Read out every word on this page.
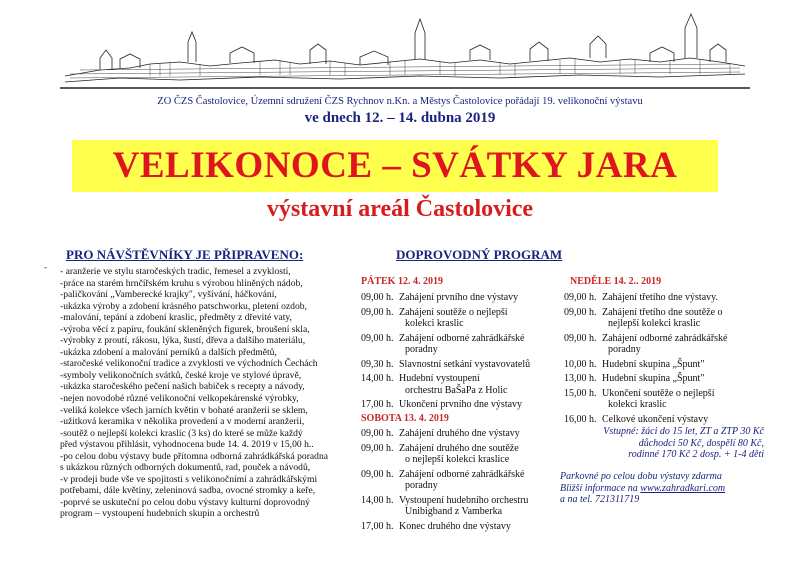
ZO ČZS Častolovice, Územní sdružení ČZS Rychnov n.Kn. a Městys Častolovice pořádají 19. velikonoční výstavu
ve dnech 12. – 14. dubna 2019
VELIKONOCE – SVÁTKY JARA
výstavní areál Častolovice
PRO NÁVŠTĚVNÍKY JE PŘIPRAVENO:
- - aranžerie ve stylu staročeských tradic, řemesel a zvyklostí,
-práce na starém hrnčířském kruhu s výrobou hliněných nádob,
-paličkování „Vamberecké krajky", vyšívání, háčkování,
-ukázka výroby a zdobení krásného patschworku, pletení ozdob,
-malování, tepání a zdobení kraslic, předměty z dřevité vaty,
-výroba věcí z papíru, foukání skleněných figurek, broušení skla,
-výrobky z proutí, rákosu, lýka, šustí, dřeva a dalšího materiálu,
-ukázka zdobení a malování perníků a dalších předmětů,
-staročeské velikonoční tradice a zvyklosti ve východních Čechách
-symboly velikonočních svátků, české kroje ve stylové úpravě,
-ukázka staročeského pečení našich babiček s recepty a návody,
-nejen novodobé různé velikonoční velkopekárenské výrobky,
-veliká kolekce všech jarních květin v bohaté aranžerii se sklem,
-užitková keramika v několika provedení a v moderní aranžerii,
-soutěž o nejlepší kolekci kraslic (3 ks) do které se může každý
před výstavou přihlásit, vyhodnocena bude 14. 4. 2019 v 15,00 h..
-po celou dobu výstavy bude přítomna odborná zahrádkářská poradna
s ukázkou různých odborných dokumentů, rad, pouček a návodů,
-v prodeji bude vše ve spojitosti s velikonočními a zahrádkářskými
potřebami, dále květiny, zeleninová sadba, ovocné stromky a keře,
-poprvé se uskuteční po celou dobu výstavy kulturní doprovodný
program – vystoupení hudebních skupin a orchestrů
DOPROVODNÝ PROGRAM
PÁTEK 12. 4. 2019
09,00 h. Zahájení prvního dne výstavy
09,00 h. Zahájení soutěže o nejlepší
kolekci kraslic
09,00 h. Zahájení odborné zahrádkářské
poradny
09,30 h. Slavnostní setkání vystavovatelů
14,00 h. Hudební vystoupení
orchestru BaŠaPa z Holic
17,00 h. Ukončení prvního dne výstavy
SOBOTA 13. 4. 2019
09,00 h. Zahájení druhého dne výstavy
09,00 h. Zahájení druhého dne soutěže
o nejlepší kolekci kraslice
09,00 h. Zahájení odborné zahrádkářské
poradny
14,00 h. Vystoupení hudebního orchestru
Unibigband z Vamberka
17,00 h. Konec druhého dne výstavy
NEDĚLE 14. 2.. 2019
09,00 h. Zahájení třetího dne výstavy.
09,00 h. Zahájení třetího dne soutěže o
nejlepší kolekci kraslic
09,00 h. Zahájení odborné zahrádkářské
poradny
10,00 h. Hudební skupina „Špunt"
13,00 h. Hudební skupina „Špunt"
15,00 h. Ukončení soutěže o nejlepší
kolekci kraslic
16,00 h. Celkové ukončení výstavy
Vstupné: žáci do 15 let, ZT a ZTP 30 Kč
důchodci 50 Kč, dospělí 80 Kč,
rodinné 170 Kč 2 dosp. + 1-4 děti
Parkovné po celou dobu výstavy zdarma
Bližší informace na www.zahradkari.com
a na tel. 721311719
